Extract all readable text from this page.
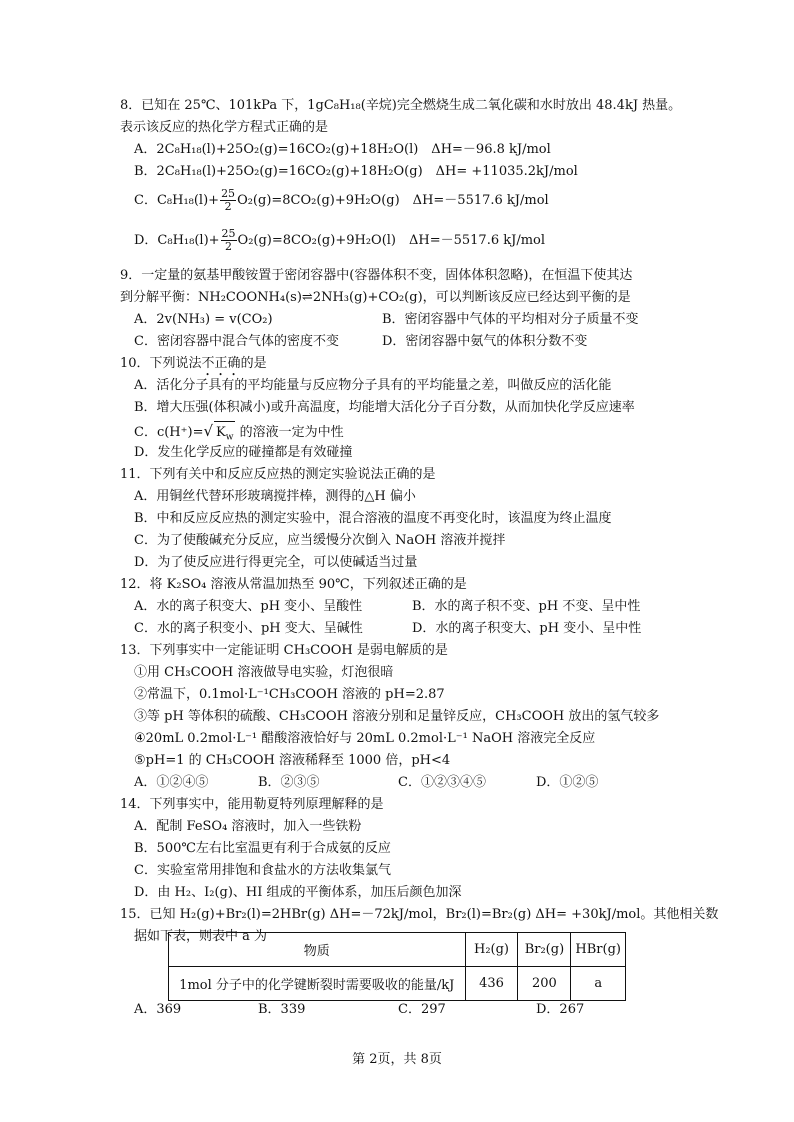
8．已知在 25℃、101kPa 下，1gC₈H₁₈(辛烷)完全燃烧生成二氧化碳和水时放出 48.4kJ 热量。
表示该反应的热化学方程式正确的是
A．2C₈H₁₈(l)+25O₂(g)=16CO₂(g)+18H₂O(l)　ΔH=－96.8 kJ/mol
B．2C₈H₁₈(l)+25O₂(g)=16CO₂(g)+18H₂O(g)　ΔH= +11035.2kJ/mol
C．$C_8H_{18}(l)+ \frac{25}{2} O_2(g)=8CO_2(g)+9H_2O(g)$　ΔH=－5517.6 kJ/mol
D．$C_8H_{18}(l)+ \frac{25}{2} O_2(g)=8CO_2(g)+9H_2O(l)$　ΔH=－5517.6 kJ/mol
9．一定量的氨基甲酸铵置于密闭容器中(容器体积不变，固体体积忽略)，在恒温下使其达
到分解平衡：NH₂COONH₄(s)⇌2NH₃(g)+CO₂(g)，可以判断该反应已经达到平衡的是
A．2v(NH₃) = v(CO₂)	B．密闭容器中气体的平均相对分子质量不变
C．密闭容器中混合气体的密度不变	D．密闭容器中氨气的体积分数不变
10．下列说法不正确的是
A．活化分子具有的平均能量与反应物分子具有的平均能量之差，叫做反应的活化能
B．增大压强(体积减小)或升高温度，均能增大活化分子百分数，从而加快化学反应速率
C．c(H⁺)=√ $K_w$ 的溶液一定为中性
D．发生化学反应的碰撞都是有效碰撞
11．下列有关中和反应反应热的测定实验说法正确的是
A．用铜丝代替环形玻璃搅拌棒，测得的△H 偏小
B．中和反应反应热的测定实验中，混合溶液的温度不再变化时，该温度为终止温度
C．为了使酸碱充分反应，应当缓慢分次倒入 NaOH 溶液并搅拌
D．为了使反应进行得更完全，可以使碱适当过量
12．将 K₂SO₄ 溶液从常温加热至 90℃，下列叙述正确的是
A．水的离子积变大、pH 变小、呈酸性	B．水的离子积不变、pH 不变、呈中性
C．水的离子积变小、pH 变大、呈碱性	D．水的离子积变大、pH 变小、呈中性
13．下列事实中一定能证明 CH₃COOH 是弱电解质的是
①用 CH₃COOH 溶液做导电实验，灯泡很暗
②常温下，0.1mol·L⁻¹CH₃COOH 溶液的 pH=2.87
③等 pH 等体积的硫酸、CH₃COOH 溶液分别和足量锌反应，CH₃COOH 放出的氢气较多
④20mL 0.2mol·L⁻¹ 醋酸溶液恰好与 20mL 0.2mol·L⁻¹ NaOH 溶液完全反应
⑤pH=1 的 CH₃COOH 溶液稀释至 1000 倍，pH<4
A．①②④⑤	B．②③⑤	C．①②③④⑤	D．①②⑤
14．下列事实中，能用勒夏特列原理解释的是
A．配制 FeSO₄ 溶液时，加入一些铁粉
B．500℃左右比室温更有利于合成氨的反应
C．实验室常用排饱和食盐水的方法收集氯气
D．由 H₂、I₂(g)、HI 组成的平衡体系，加压后颜色加深
15．已知 H₂(g)+Br₂(l)=2HBr(g) ΔH=－72kJ/mol，Br₂(l)=Br₂(g) ΔH= +30kJ/mol。其他相关数
据如下表，则表中 a 为
物质	H₂(g)	Br₂(g)	HBr(g)
1mol 分子中的化学键断裂时需要吸收的能量/kJ	436	200	a
A．369	B．339	C．297	D．267
第 2页，共 8页
